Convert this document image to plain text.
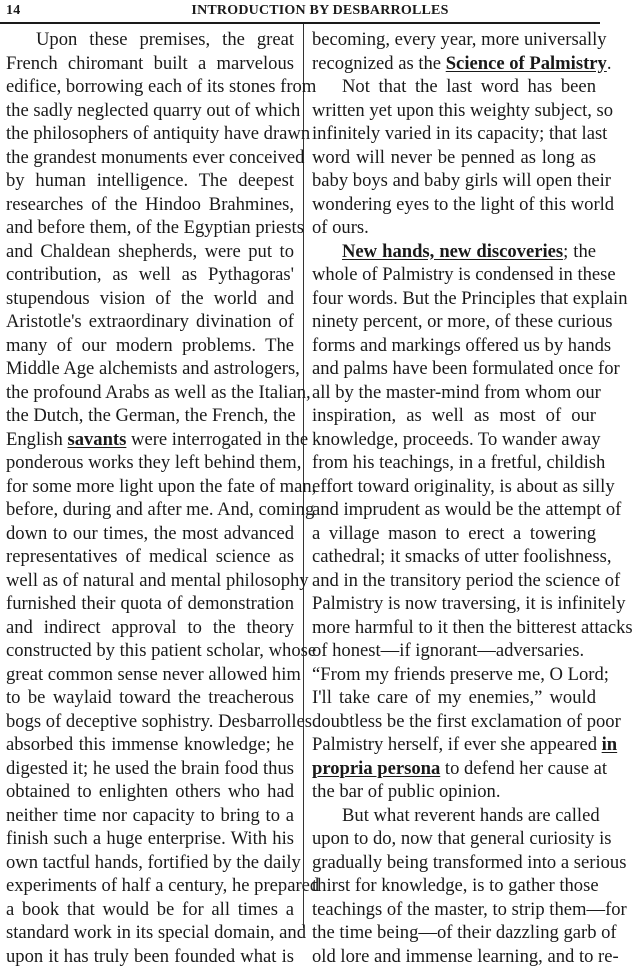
14	INTRODUCTION BY DESBARROLLES
Upon these premises, the great
French chiromant built a marvelous
edifice, borrowing each of its stones from
the sadly neglected quarry out of which
the philosophers of antiquity have drawn
the grandest monuments ever conceived
by human intelligence. The deepest
researches of the Hindoo Brahmines,
and before them, of the Egyptian priests
and Chaldean shepherds, were put to
contribution, as well as Pythagoras'
stupendous vision of the world and
Aristotle's extraordinary divination of
many of our modern problems. The
Middle Age alchemists and astrologers,
the profound Arabs as well as the Italian,
the Dutch, the German, the French, the
English savants were interrogated in the
ponderous works they left behind them,
for some more light upon the fate of man,
before, during and after me. And, coming
down to our times, the most advanced
representatives of medical science as
well as of natural and mental philosophy
furnished their quota of demonstration
and indirect approval to the theory
constructed by this patient scholar, whose
great common sense never allowed him
to be waylaid toward the treacherous
bogs of deceptive sophistry. Desbarrolles
absorbed this immense knowledge; he
digested it; he used the brain food thus
obtained to enlighten others who had
neither time nor capacity to bring to a
finish such a huge enterprise. With his
own tactful hands, fortified by the daily
experiments of half a century, he prepared
a book that would be for all times a
standard work in its special domain, and
upon it has truly been founded what is
becoming, every year, more universally
recognized as the Science of Palmistry.
Not that the last word has been
written yet upon this weighty subject, so
infinitely varied in its capacity; that last
word will never be penned as long as
baby boys and baby girls will open their
wondering eyes to the light of this world
of ours.
New hands, new discoveries; the
whole of Palmistry is condensed in these
four words. But the Principles that explain
ninety percent, or more, of these curious
forms and markings offered us by hands
and palms have been formulated once for
all by the master-mind from whom our
inspiration, as well as most of our
knowledge, proceeds. To wander away
from his teachings, in a fretful, childish
effort toward originality, is about as silly
and imprudent as would be the attempt of
a village mason to erect a towering
cathedral; it smacks of utter foolishness,
and in the transitory period the science of
Palmistry is now traversing, it is infinitely
more harmful to it then the bitterest attacks
of honest—if ignorant—adversaries.
“From my friends preserve me, O Lord;
I'll take care of my enemies,” would
doubtless be the first exclamation of poor
Palmistry herself, if ever she appeared in
propria persona to defend her cause at
the bar of public opinion.
But what reverent hands are called
upon to do, now that general curiosity is
gradually being transformed into a serious
thirst for knowledge, is to gather those
teachings of the master, to strip them—for
the time being—of their dazzling garb of
old lore and immense learning, and to re-
